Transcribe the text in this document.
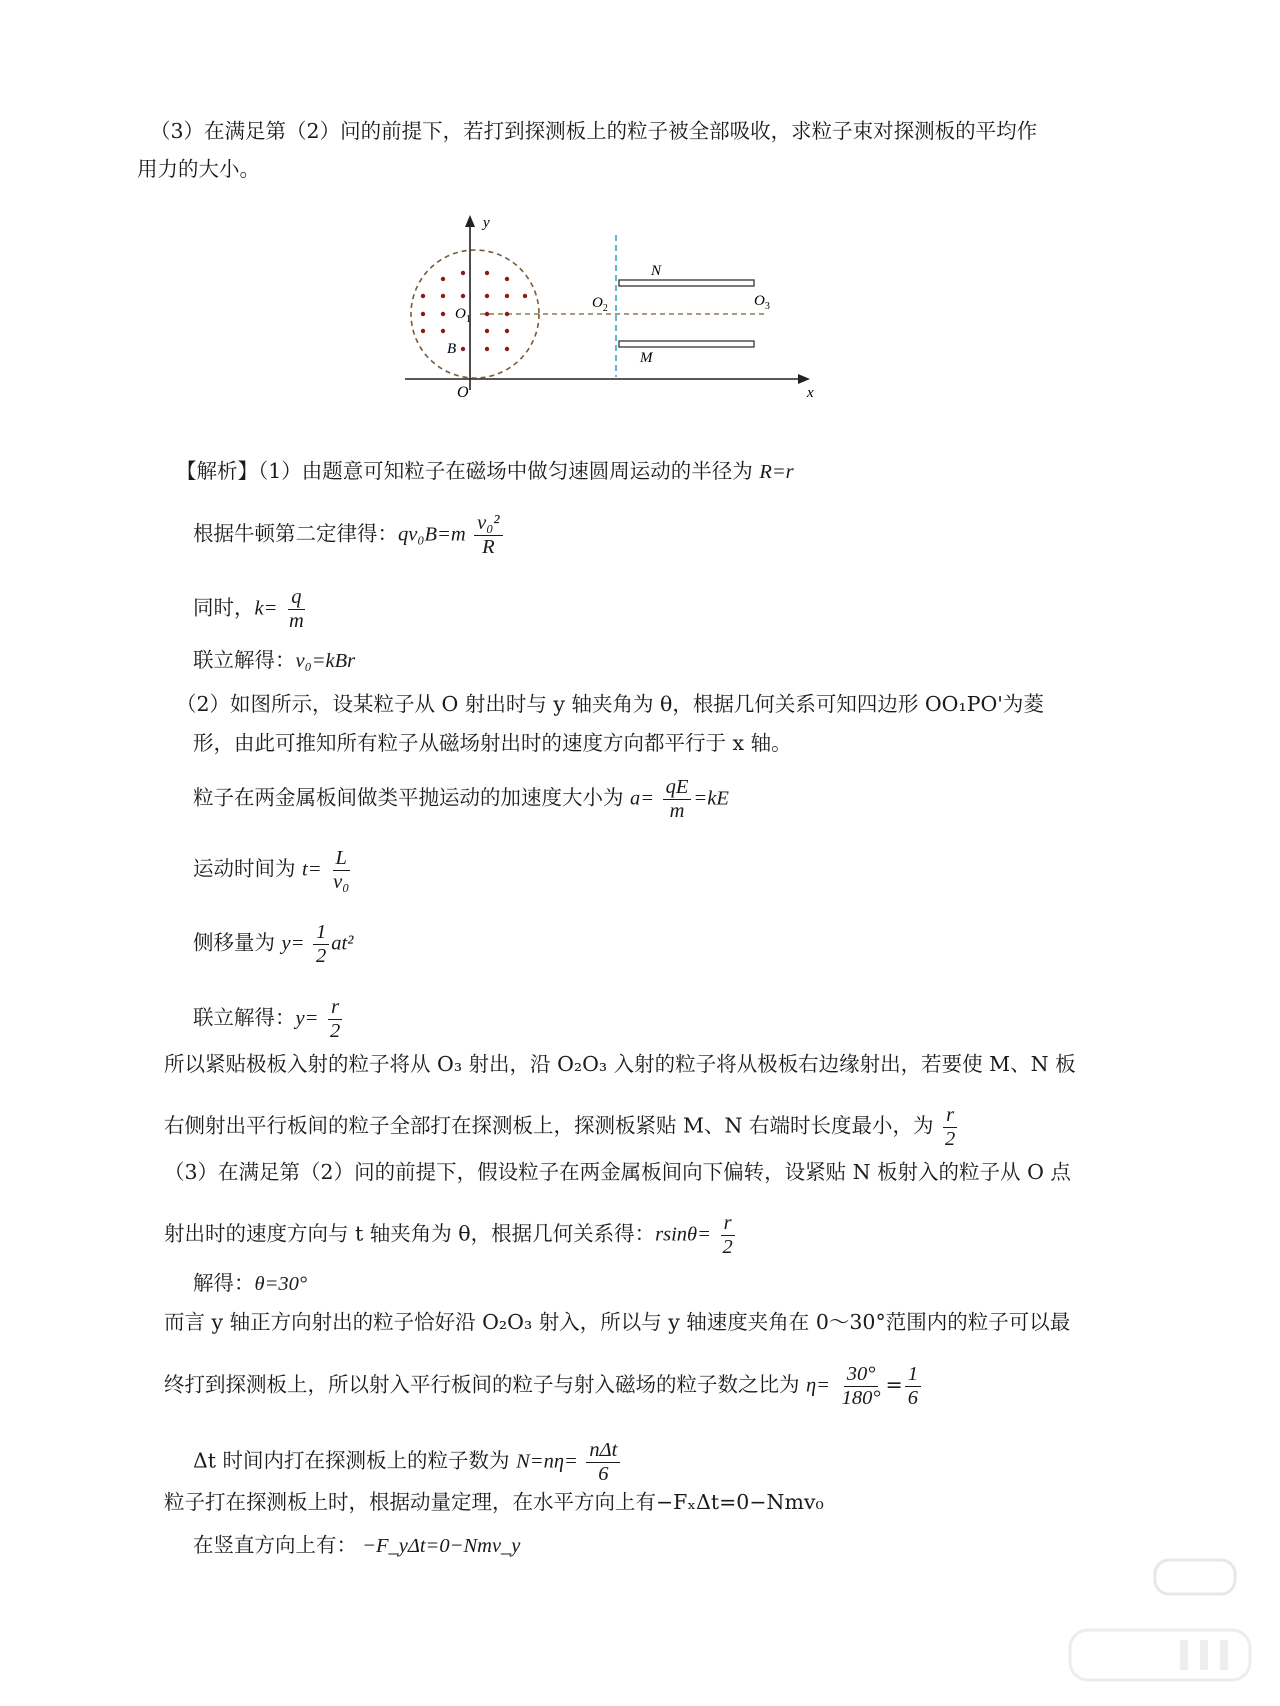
（3）在满足第（2）问的前提下，若打到探测板上的粒子被全部吸收，求粒子束对探测板的平均作
用力的大小。
y
x
O
$O_1$
B
$O_2$
N
$O_3$
M
【解析】（1）由题意可知粒子在磁场中做匀速圆周运动的半径为 R=r
根据牛顿第二定律得：$qv_0B=m \frac{\text{v₀²}}{R}$
同时，$k= \frac{q}{m}$
联立解得：v₀=kBr
（2）如图所示，设某粒子从 O 射出时与 y 轴夹角为 θ，根据几何关系可知四边形 OO₁PO'为菱
形，由此可推知所有粒子从磁场射出时的速度方向都平行于 x 轴。
粒子在两金属板间做类平抛运动的加速度大小为 $a= \frac{qE}{m} =kE$
运动时间为 $t= \frac{L}{\text{v₀}}$
侧移量为 $y= \frac{1}{2} at^2$
联立解得：$y= \frac{r}{2}$
所以紧贴极板入射的粒子将从 O₃ 射出，沿 O₂O₃ 入射的粒子将从极板右边缘射出，若要使 M、N 板
右侧射出平行板间的粒子全部打在探测板上，探测板紧贴 M、N 右端时长度最小，为 $\frac{r}{2}$
（3）在满足第（2）问的前提下，假设粒子在两金属板间向下偏转，设紧贴 N 板射入的粒子从 O 点
射出时的速度方向与 t 轴夹角为 θ，根据几何关系得：$rsin\theta= \frac{r}{2}$
解得：θ=30°
而言 y 轴正方向射出的粒子恰好沿 O₂O₃ 射入，所以与 y 轴速度夹角在 0～30°范围内的粒子可以最
终打到探测板上，所以射入平行板间的粒子与射入磁场的粒子数之比为 $\eta= \frac{30^\circ}{180^\circ} = \frac{1}{6}$
Δt 时间内打在探测板上的粒子数为 $N=n\eta= \frac{\text{nΔt}}{6}$
粒子打在探测板上时，根据动量定理，在水平方向上有−FₓΔt=0−Nmv₀
在竖直方向上有： −F_yΔt=0−Nmv_y
